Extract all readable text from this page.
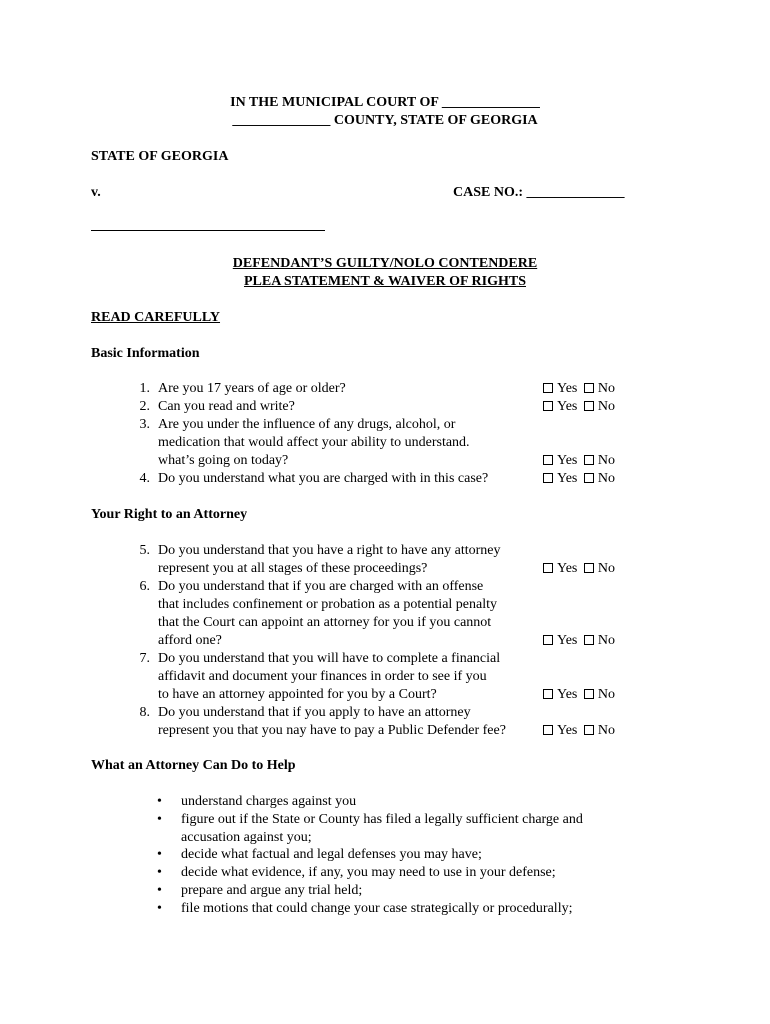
IN THE MUNICIPAL COURT OF ______________
______________ COUNTY, STATE OF GEORGIA
STATE OF GEORGIA
v.	CASE NO.: ______________
DEFENDANT’S GUILTY/NOLO CONTENDERE
PLEA STATEMENT & WAIVER OF RIGHTS
READ CAREFULLY
Basic Information
1. Are you 17 years of age or older?	Yes No
2. Can you read and write?	Yes No
3. Are you under the influence of any drugs, alcohol, or
medication that would affect your ability to understand.
what’s going on today?	Yes No
4. Do you understand what you are charged with in this case?	Yes No
Your Right to an Attorney
5. Do you understand that you have a right to have any attorney
represent you at all stages of these proceedings?	Yes No
6. Do you understand that if you are charged with an offense
that includes confinement or probation as a potential penalty
that the Court can appoint an attorney for you if you cannot
afford one?	Yes No
7. Do you understand that you will have to complete a financial
affidavit and document your finances in order to see if you
to have an attorney appointed for you by a Court?	Yes No
8. Do you understand that if you apply to have an attorney
represent you that you nay have to pay a Public Defender fee?	Yes No
What an Attorney Can Do to Help
• understand charges against you
• figure out if the State or County has filed a legally sufficient charge and
accusation against you;
• decide what factual and legal defenses you may have;
• decide what evidence, if any, you may need to use in your defense;
• prepare and argue any trial held;
• file motions that could change your case strategically or procedurally;
